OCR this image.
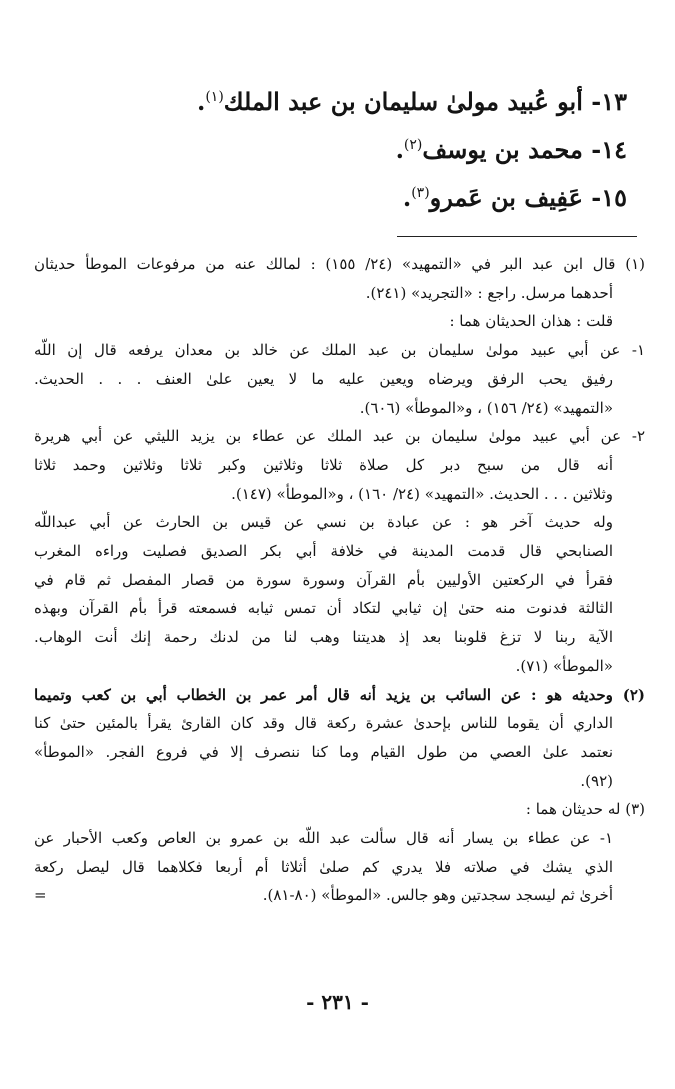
١٣- أبو عُبيد مولىٰ سليمان بن عبد الملك$^{(١)}$.
١٤- محمد بن يوسف$^{(٢)}$.
١٥- عَفِيف بن عَمرو$^{(٣)}$.
(١) قال ابن عبد البر في «التمهيد» (٢٤/ ١٥٥) : لمالك عنه من مرفوعات الموطأ حديثان
أحدهما مرسل. راجع : «التجريد» (٢٤١).
قلت : هذان الحديثان هما :
١- عن أبي عبيد مولىٰ سليمان بن عبد الملك عن خالد بن معدان يرفعه قال إن اللّه
رفيق يحب الرفق ويرضاه ويعين عليه ما لا يعين علىٰ العنف . . . الحديث.
«التمهيد» (٢٤/ ١٥٦) ، و«الموطأ» (٦٠٦).
٢- عن أبي عبيد مولىٰ سليمان بن عبد الملك عن عطاء بن يزيد الليثي عن أبي هريرة
أنه قال من سبح دبر كل صلاة ثلاثا وثلاثين وكبر ثلاثا وثلاثين وحمد ثلاثا
وثلاثين . . . الحديث. «التمهيد» (٢٤/ ١٦٠) ، و«الموطأ» (١٤٧).
وله حديث آخر هو : عن عبادة بن نسي عن قيس بن الحارث عن أبي عبداللّه
الصنابحي قال قدمت المدينة في خلافة أبي بكر الصديق فصليت وراءه المغرب
فقرأ في الركعتين الأوليين بأم القرآن وسورة سورة من قصار المفصل ثم قام في
الثالثة فدنوت منه حتىٰ إن ثيابي لتكاد أن تمس ثيابه فسمعته قرأ بأم القرآن وبهذه
الآية ربنا لا تزغ قلوبنا بعد إذ هديتنا وهب لنا من لدنك رحمة إنك أنت الوهاب.
«الموطأ» (٧١).
(٢) وحديثه هو : عن السائب بن يزيد أنه قال أمر عمر بن الخطاب أبي بن كعب وتميما
الداري أن يقوما للناس بإحدىٰ عشرة ركعة قال وقد كان القارئ يقرأ بالمئين حتىٰ كنا
نعتمد علىٰ العصي من طول القيام وما كنا ننصرف إلا في فروع الفجر. «الموطأ»
(٩٢).
(٣) له حديثان هما :
١- عن عطاء بن يسار أنه قال سألت عبد اللّه بن عمرو بن العاص وكعب الأحبار عن
الذي يشك في صلاته فلا يدري كم صلىٰ أثلاثا أم أربعا فكلاهما قال ليصل ركعة
أخرىٰ ثم ليسجد سجدتين وهو جالس. «الموطأ» (٨٠-٨١).
=
- ٢٣١ -
